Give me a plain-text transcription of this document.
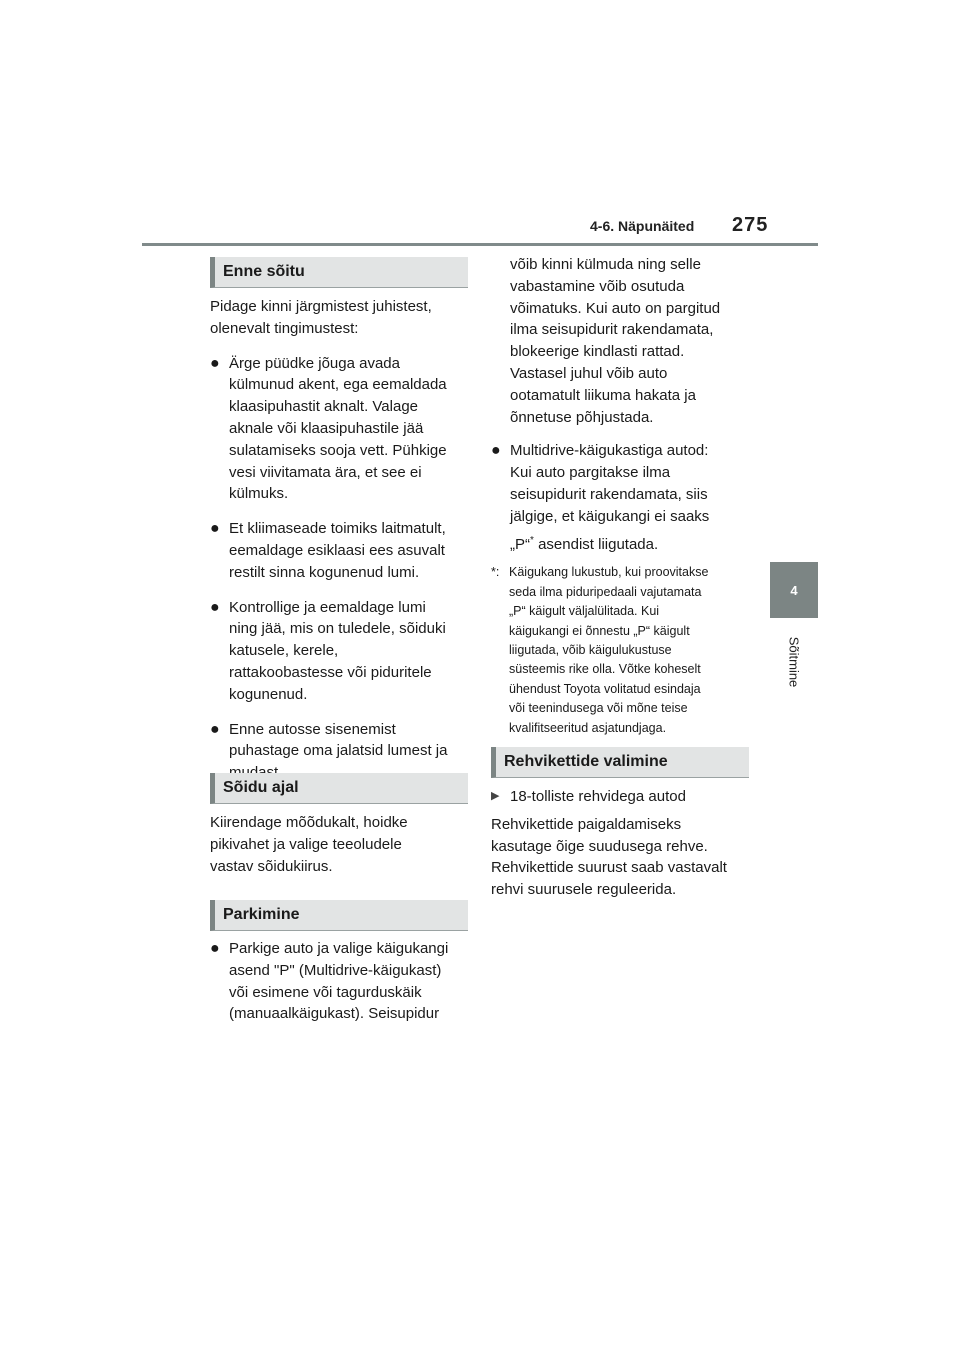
4-6. Näpunäited 275
4
Sõitmine
Enne sõitu

Pidage kinni järgmistest juhistest,
olenevalt tingimustest:

● Ärge püüdke jõuga avada
külmunud akent, ega eemaldada
klaasipuhastit aknalt. Valage
aknale või klaasipuhastile jää
sulatamiseks sooja vett. Pühkige
vesi viivitamata ära, et see ei
külmuks.
● Et kliimaseade toimiks laitmatult,
eemaldage esiklaasi ees asuvalt
restilt sinna kogunenud lumi.
● Kontrollige ja eemaldage lumi
ning jää, mis on tuledele, sõiduki
katusele, kerele,
rattakoobastesse või piduritele
kogunenud.
● Enne autosse sisenemist
puhastage oma jalatsid lumest ja

Sõidu ajal

Kiirendage mõõdukalt, hoidke
pikivahet ja valige teeoludele
vastav sõidukiirus.

Parkimine
● Parkige auto ja valige käigukangi
asend "P" (Multidrive-käigukast)
või esimene või tagurduskäik
(manuaalkäigukast). Seisupidur
võib kinni külmuda ning selle
vabastamine võib osutuda
võimatuks. Kui auto on pargitud
ilma seisupidurit rakendamata,
blokeerige kindlasti rattad.
Vastasel juhul võib auto
ootamatult liikuma hakata ja
õnnetuse põhjustada.
● Multidrive-käigukastiga autod:
Kui auto pargitakse ilma
seisupidurit rakendamata, siis
jälgige, et käigukangi ei saaks
„P“* asendist liigutada.
*: Käigukang lukustub, kui proovitakse
seda ilma piduripedaali vajutamata
„P“ käigult väljalülitada. Kui
käigukangi ei õnnestu „P“ käigult
liigutada, võib käigulukustuse
süsteemis rike olla. Võtke koheselt
ühendust Toyota volitatud esindaja
või teenindusega või mõne teise
kvalifitseeritud asjatundjaga.
Rehvikettide valimine
▶ 18-tolliste rehvidega autod

Rehvikettide paigaldamiseks
kasutage õige suudusega rehve.
Rehvikettide suurust saab vastavalt
rehvi suurusele reguleerida.
